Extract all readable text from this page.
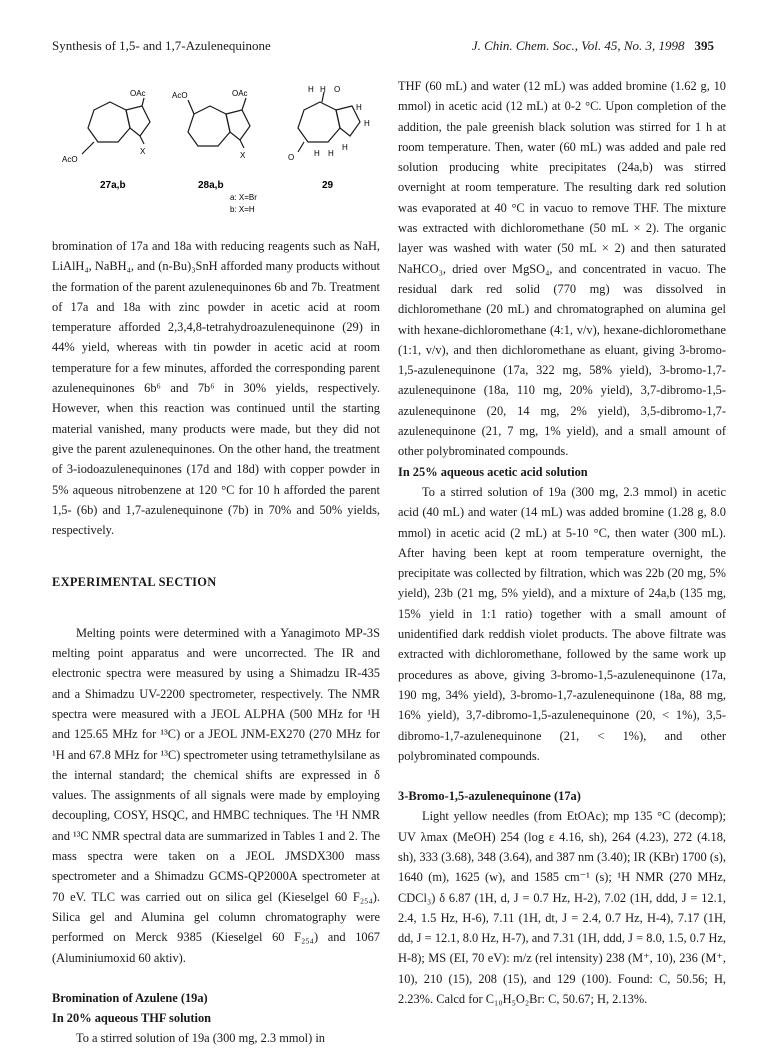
Synthesis of 1,5- and 1,7-Azulenequinone	J. Chin. Chem. Soc., Vol. 45, No. 3, 1998 395
OAc
AcO
X
AcO	OAc
X
H H O
H
H
O H H
H
27a,b	28a,b	29
a: X=Br
b: X=H

bromination of 17a and 18a with reducing reagents such as NaH, LiAlH₄, NaBH₄, and (n-Bu)₃SnH afforded many products without the formation of the parent azulenequinones 6b and 7b. Treatment of 17a and 18a with zinc powder in acetic acid at room temperature afforded 2,3,4,8-tetrahydroazulenequinone (29) in 44% yield, whereas with tin powder in acetic acid at room temperature for a few minutes, afforded the corresponding parent azulenequinones 6b⁶ and 7b⁶ in 30% yields, respectively. However, when this reaction was continued until the starting material vanished, many products were made, but they did not give the parent azulenequinones. On the other hand, the treatment of 3-iodoazulenequinones (17d and 18d) with copper powder in 5% aqueous nitrobenzene at 120 °C for 10 h afforded the parent 1,5- (6b) and 1,7-azulenequinone (7b) in 70% and 50% yields, respectively.

EXPERIMENTAL SECTION

Melting points were determined with a Yanagimoto MP-3S melting point apparatus and were uncorrected. The IR and electronic spectra were measured by using a Shimadzu IR-435 and a Shimadzu UV-2200 spectrometer, respectively. The NMR spectra were measured with a JEOL ALPHA (500 MHz for ¹H and 125.65 MHz for ¹³C) or a JEOL JNM-EX270 (270 MHz for ¹H and 67.8 MHz for ¹³C) spectrometer using tetramethylsilane as the internal standard; the chemical shifts are expressed in δ values. The assignments of all signals were made by employing decoupling, COSY, HSQC, and HMBC techniques. The ¹H NMR and ¹³C NMR spectral data are summarized in Tables 1 and 2. The mass spectra were taken on a JEOL JMSDX300 mass spectrometer and a Shimadzu GCMS-QP2000A spectrometer at 70 eV. TLC was carried out on silica gel (Kieselgel 60 F₂₅₄). Silica gel and Alumina gel column chromatography were performed on Merck 9385 (Kieselgel 60 F₂₅₄) and 1067 (Aluminiumoxid 60 aktiv).

Bromination of Azulene (19a)

In 20% aqueous THF solution

To a stirred solution of 19a (300 mg, 2.3 mmol) in

THF (60 mL) and water (12 mL) was added bromine (1.62 g, 10 mmol) in acetic acid (12 mL) at 0-2 °C. Upon completion of the addition, the pale greenish black solution was stirred for 1 h at room temperature. Then, water (60 mL) was added and pale red solution producing white precipitates (24a,b) was stirred overnight at room temperature. The resulting dark red solution was evaporated at 40 °C in vacuo to remove THF. The mixture was extracted with dichloromethane (50 mL × 2). The organic layer was washed with water (50 mL × 2) and then saturated NaHCO₃, dried over MgSO₄, and concentrated in vacuo. The residual dark red solid (770 mg) was dissolved in dichloromethane (20 mL) and chromatographed on alumina gel with hexane-dichloromethane (4:1, v/v), hexane-dichloromethane (1:1, v/v), and then dichloromethane as eluant, giving 3-bromo-1,5-azulenequinone (17a, 322 mg, 58% yield), 3-bromo-1,7-azulenequinone (18a, 110 mg, 20% yield), 3,7-dibromo-1,5-azulenequinone (20, 14 mg, 2% yield), 3,5-dibromo-1,7-azulenequinone (21, 7 mg, 1% yield), and a small amount of other polybrominated compounds.

In 25% aqueous acetic acid solution

To a stirred solution of 19a (300 mg, 2.3 mmol) in acetic acid (40 mL) and water (14 mL) was added bromine (1.28 g, 8.0 mmol) in acetic acid (2 mL) at 5-10 °C, then water (300 mL). After having been kept at room temperature overnight, the precipitate was collected by filtration, which was 22b (20 mg, 5% yield), 23b (21 mg, 5% yield), and a mixture of 24a,b (135 mg, 15% yield in 1:1 ratio) together with a small amount of unidentified dark reddish violet products. The above filtrate was extracted with dichloromethane, followed by the same work up procedures as above, giving 3-bromo-1,5-azulenequinone (17a, 190 mg, 34% yield), 3-bromo-1,7-azulenequinone (18a, 88 mg, 16% yield), 3,7-dibromo-1,5-azulenequinone (20, < 1%), 3,5-dibromo-1,7-azulenequinone (21, < 1%), and other polybrominated compounds.

3-Bromo-1,5-azulenequinone (17a)

Light yellow needles (from EtOAc); mp 135 °C (decomp); UV λmax (MeOH) 254 (log ε 4.16, sh), 264 (4.23), 272 (4.18, sh), 333 (3.68), 348 (3.64), and 387 nm (3.40); IR (KBr) 1700 (s), 1640 (m), 1625 (w), and 1585 cm⁻¹ (s); ¹H NMR (270 MHz, CDCl₃) δ 6.87 (1H, d, J = 0.7 Hz, H-2), 7.02 (1H, ddd, J = 12.1, 2.4, 1.5 Hz, H-6), 7.11 (1H, dt, J = 2.4, 0.7 Hz, H-4), 7.17 (1H, dd, J = 12.1, 8.0 Hz, H-7), and 7.31 (1H, ddd, J = 8.0, 1.5, 0.7 Hz, H-8); MS (EI, 70 eV): m/z (rel intensity) 238 (M⁺, 10), 236 (M⁺, 10), 210 (15), 208 (15), and 129 (100). Found: C, 50.56; H, 2.23%. Calcd for C₁₀H₅O₂Br: C, 50.67; H, 2.13%.
